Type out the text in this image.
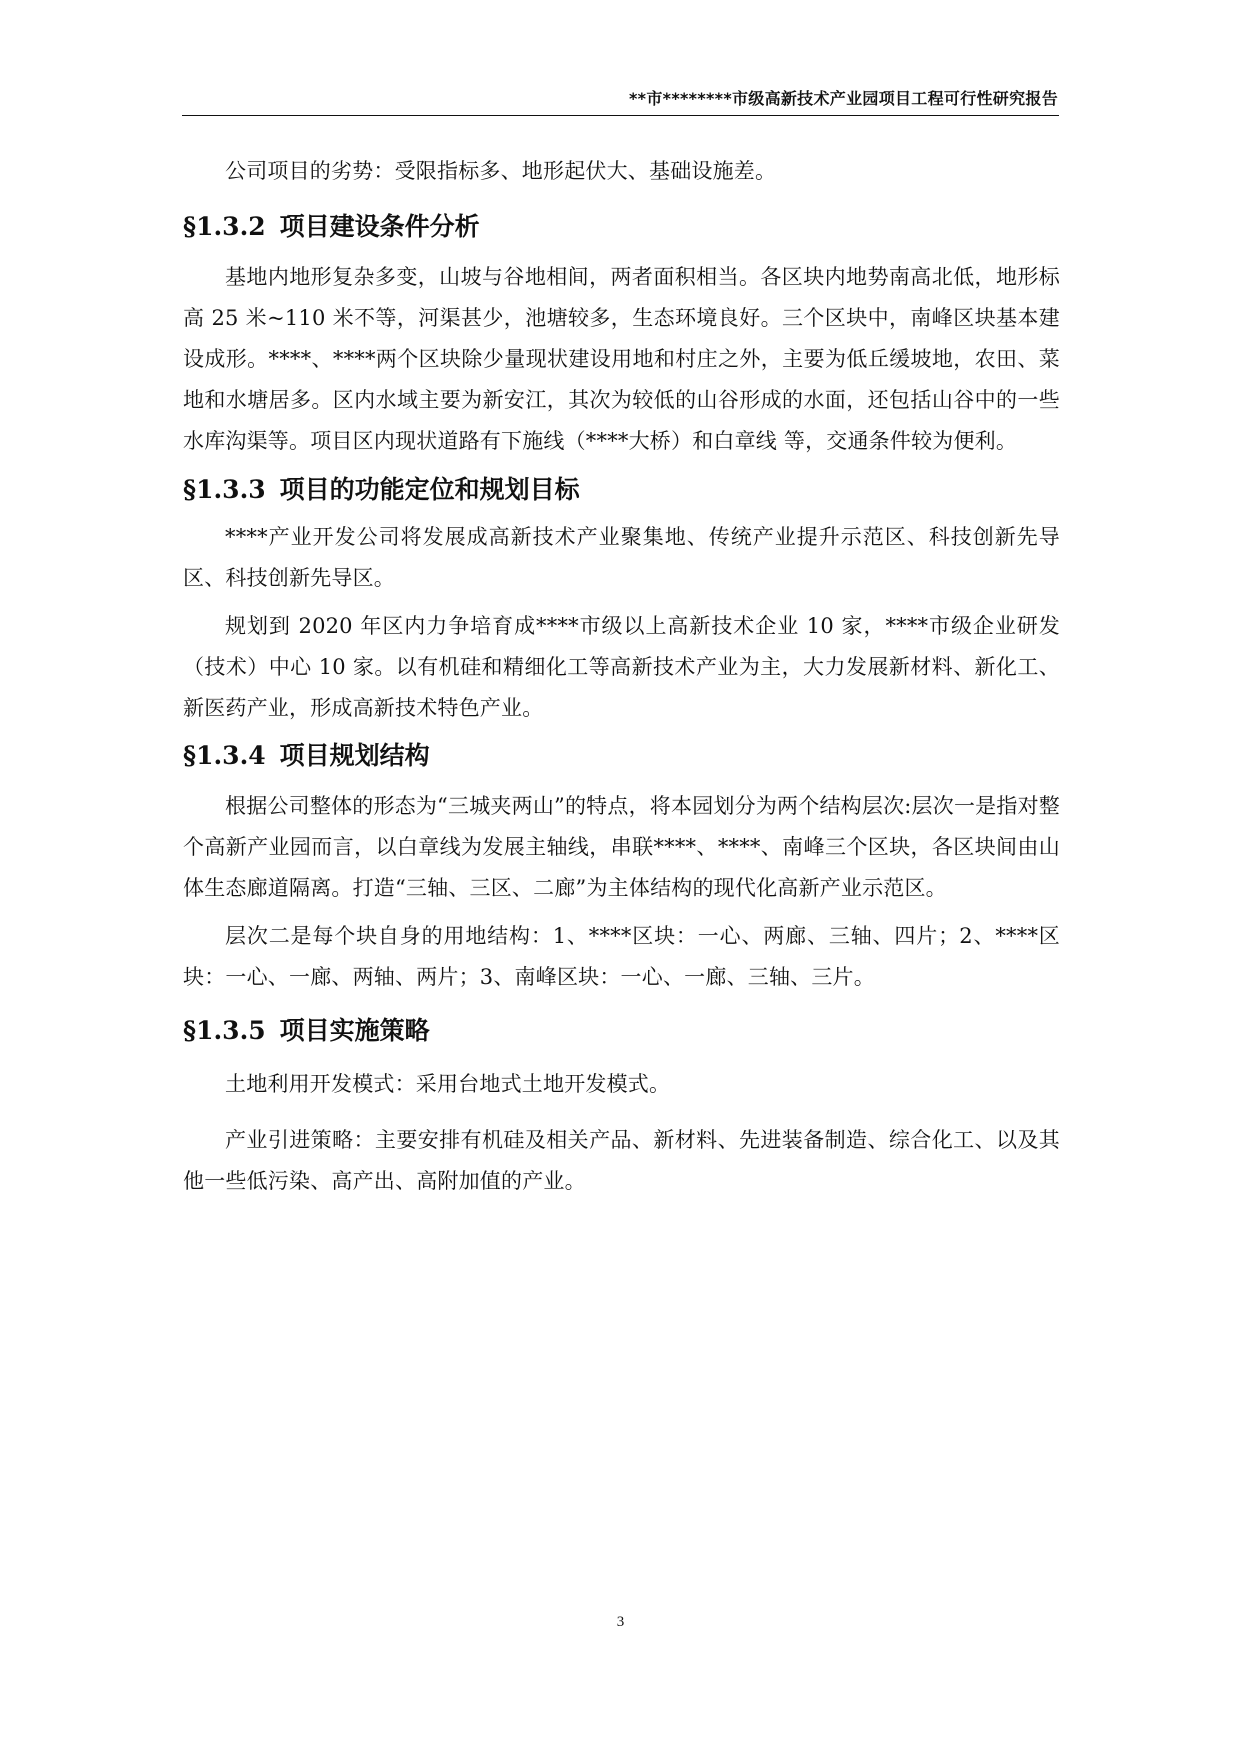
**市********市级高新技术产业园项目工程可行性研究报告

公司项目的劣势：受限指标多、地形起伏大、基础设施差。

§1.3.2 项目建设条件分析

基地内地形复杂多变，山坡与谷地相间，两者面积相当。各区块内地势南高北低，地形标高 25 米~110 米不等，河渠甚少，池塘较多，生态环境良好。三个区块中，南峰区块基本建设成形。****、****两个区块除少量现状建设用地和村庄之外，主要为低丘缓坡地，农田、菜地和水塘居多。区内水域主要为新安江，其次为较低的山谷形成的水面，还包括山谷中的一些水库沟渠等。项目区内现状道路有下施线（****大桥）和白章线 等，交通条件较为便利。

§1.3.3 项目的功能定位和规划目标

****产业开发公司将发展成高新技术产业聚集地、传统产业提升示范区、科技创新先导区、科技创新先导区。

规划到 2020 年区内力争培育成****市级以上高新技术企业 10 家，****市级企业研发（技术）中心 10 家。以有机硅和精细化工等高新技术产业为主，大力发展新材料、新化工、新医药产业，形成高新技术特色产业。

§1.3.4 项目规划结构

根据公司整体的形态为“三城夹两山”的特点，将本园划分为两个结构层次:层次一是指对整个高新产业园而言，以白章线为发展主轴线，串联****、****、南峰三个区块，各区块间由山体生态廊道隔离。打造“三轴、三区、二廊”为主体结构的现代化高新产业示范区。

层次二是每个块自身的用地结构：1、****区块：一心、两廊、三轴、四片；2、****区块：一心、一廊、两轴、两片；3、南峰区块：一心、一廊、三轴、三片。

§1.3.5 项目实施策略

土地利用开发模式：采用台地式土地开发模式。

产业引进策略：主要安排有机硅及相关产品、新材料、先进装备制造、综合化工、以及其他一些低污染、高产出、高附加值的产业。

3
